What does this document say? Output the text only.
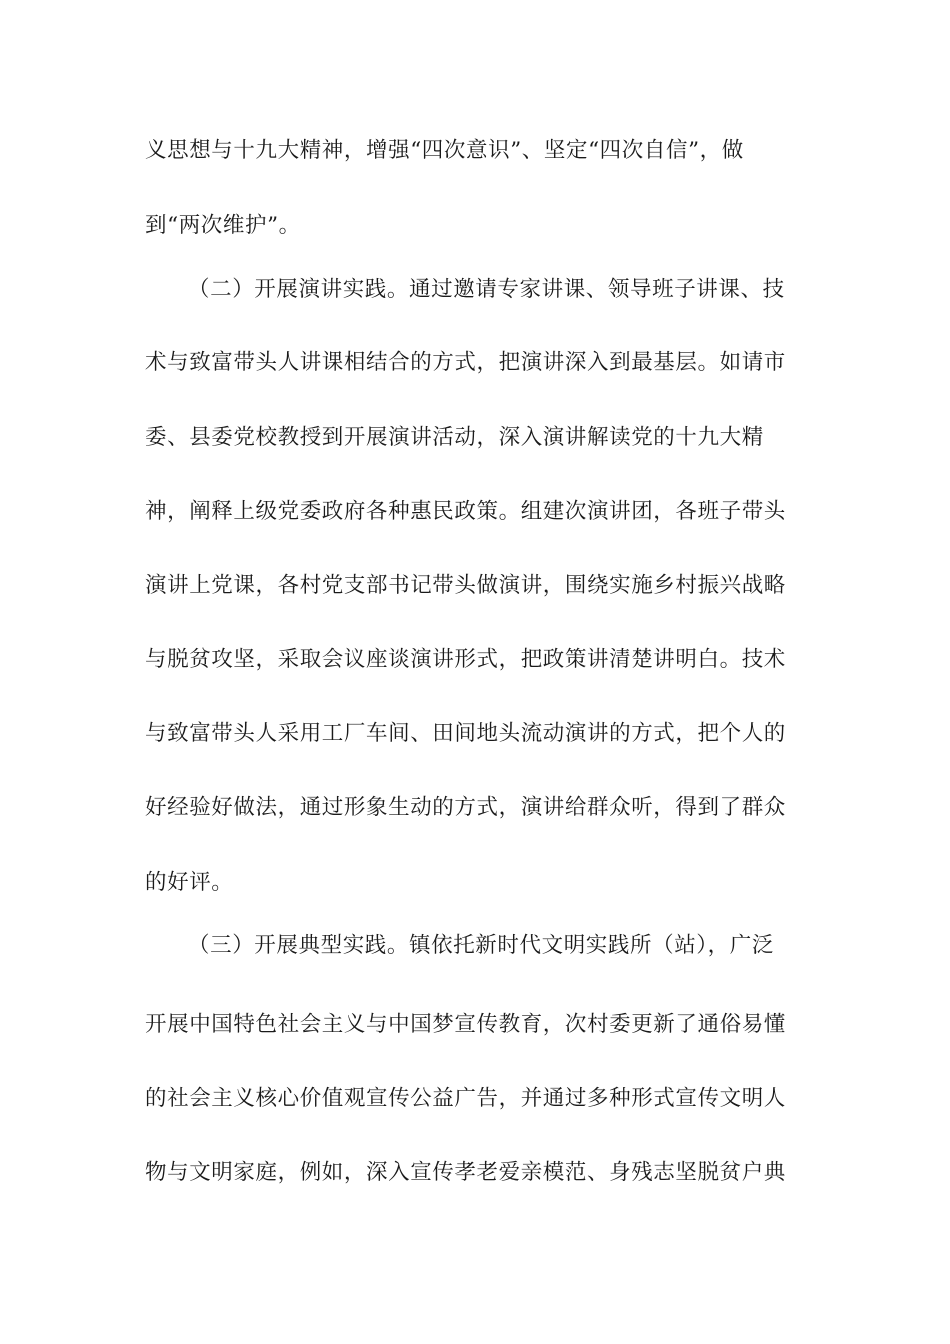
义思想与十九大精神，增强“四次意识”、坚定“四次自信”，做
到“两次维护”。
（二）开展演讲实践。通过邀请专家讲课、领导班子讲课、技
术与致富带头人讲课相结合的方式，把演讲深入到最基层。如请市
委、县委党校教授到开展演讲活动，深入演讲解读党的十九大精
神，阐释上级党委政府各种惠民政策。组建次演讲团，各班子带头
演讲上党课，各村党支部书记带头做演讲，围绕实施乡村振兴战略
与脱贫攻坚，采取会议座谈演讲形式，把政策讲清楚讲明白。技术
与致富带头人采用工厂车间、田间地头流动演讲的方式，把个人的
好经验好做法，通过形象生动的方式，演讲给群众听，得到了群众
的好评。
（三）开展典型实践。镇依托新时代文明实践所（站），广泛
开展中国特色社会主义与中国梦宣传教育，次村委更新了通俗易懂
的社会主义核心价值观宣传公益广告，并通过多种形式宣传文明人
物与文明家庭，例如，深入宣传孝老爱亲模范、身残志坚脱贫户典
